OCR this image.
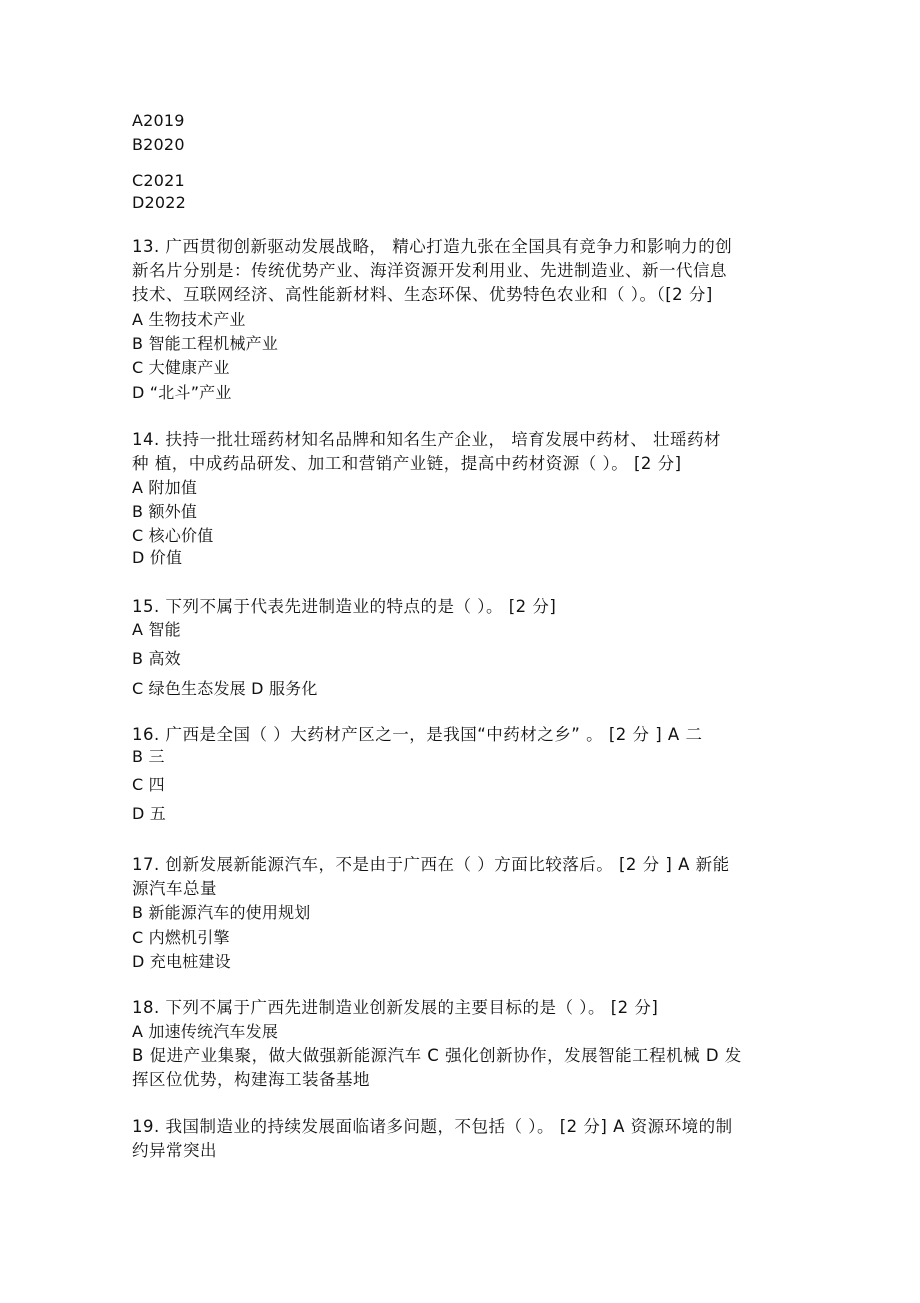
A2019
B2020
C2021
D2022
13. 广西贯彻创新驱动发展战略， 精心打造九张在全国具有竞争力和影响力的创
新名片分别是：传统优势产业、海洋资源开发利用业、先进制造业、新一代信息
技术、互联网经济、高性能新材料、生态环保、优势特色农业和（ ）。（[2 分]
A 生物技术产业
B 智能工程机械产业
C 大健康产业
D “北斗”产业
14. 扶持一批壮瑶药材知名品牌和知名生产企业， 培育发展中药材、 壮瑶药材
种 植，中成药品研发、加工和营销产业链，提高中药材资源（ ）。 [2 分]
A 附加值
B 额外值
C 核心价值
D 价值
15. 下列不属于代表先进制造业的特点的是（ ）。 [2 分]
A 智能
B 高效
C 绿色生态发展 D 服务化
16. 广西是全国（ ）大药材产区之一，是我国“中药材之乡” 。 [2 分 ] A 二
B 三
C 四
D 五
17. 创新发展新能源汽车，不是由于广西在（ ）方面比较落后。 [2 分 ] A 新能
源汽车总量
B 新能源汽车的使用规划
C 内燃机引擎
D 充电桩建设
18. 下列不属于广西先进制造业创新发展的主要目标的是（ ）。 [2 分]
A 加速传统汽车发展
B 促进产业集聚，做大做强新能源汽车 C 强化创新协作，发展智能工程机械 D 发
挥区位优势，构建海工装备基地
19. 我国制造业的持续发展面临诸多问题，不包括（ ）。 [2 分] A 资源环境的制
约异常突出
